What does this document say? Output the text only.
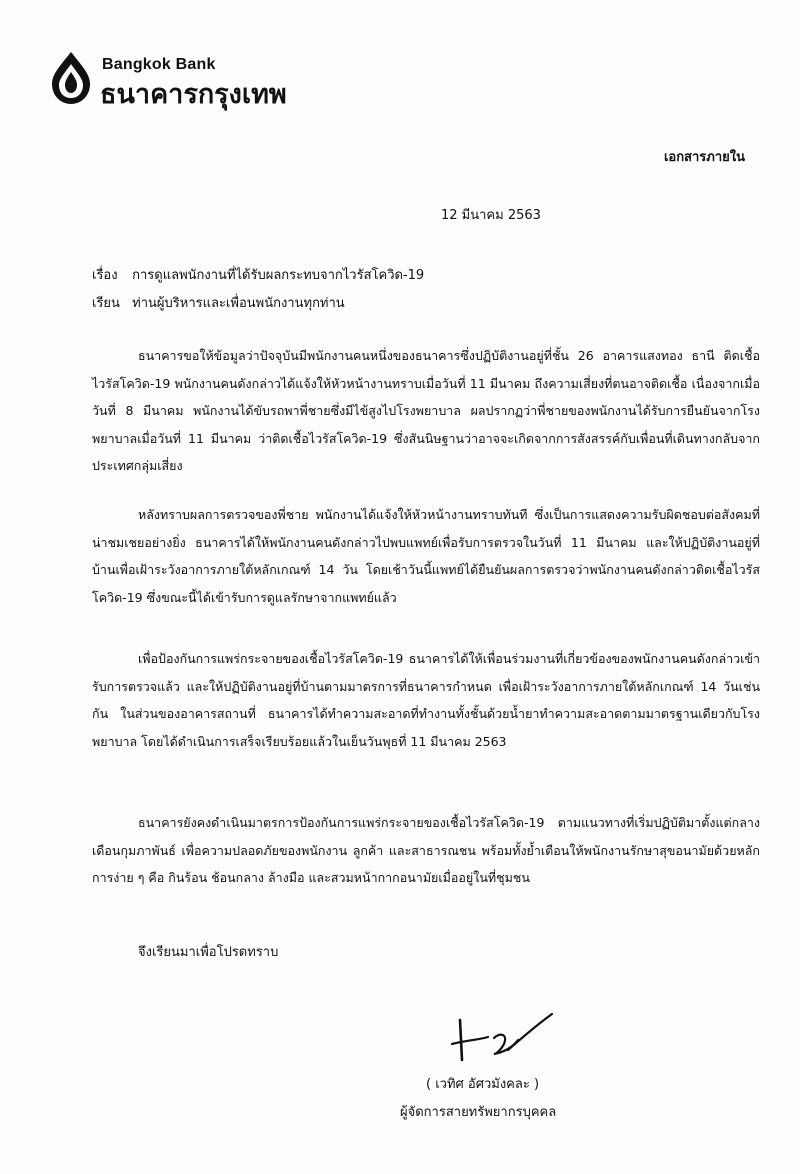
Bangkok Bank
ธนาคารกรุงเทพ
เอกสารภายใน
12 มีนาคม 2563
เรื่อง การดูแลพนักงานที่ได้รับผลกระทบจากไวรัสโควิด-19
เรียน ท่านผู้บริหารและเพื่อนพนักงานทุกท่าน

ธนาคารขอให้ข้อมูลว่าปัจจุบันมีพนักงานคนหนึ่งของธนาคารซึ่งปฏิบัติงานอยู่ที่ชั้น 26 อาคารแสงทอง ธานี ติดเชื้อไวรัสโควิด-19 พนักงานคนดังกล่าวได้แจ้งให้หัวหน้างานทราบเมื่อวันที่ 11 มีนาคม ถึงความเสี่ยงที่ตนอาจติดเชื้อ เนื่องจากเมื่อวันที่ 8 มีนาคม พนักงานได้ขับรถพาพี่ชายซึ่งมีไข้สูงไปโรงพยาบาล ผลปรากฏว่าพี่ชายของพนักงานได้รับการยืนยันจากโรงพยาบาลเมื่อวันที่ 11 มีนาคม ว่าติดเชื้อไวรัสโควิด-19 ซึ่งสันนิษฐานว่าอาจจะเกิดจากการสังสรรค์กับเพื่อนที่เดินทางกลับจากประเทศกลุ่มเสี่ยง

หลังทราบผลการตรวจของพี่ชาย พนักงานได้แจ้งให้หัวหน้างานทราบทันที ซึ่งเป็นการแสดงความรับผิดชอบต่อสังคมที่น่าชมเชยอย่างยิ่ง ธนาคารได้ให้พนักงานคนดังกล่าวไปพบแพทย์เพื่อรับการตรวจในวันที่ 11 มีนาคม และให้ปฏิบัติงานอยู่ที่บ้านเพื่อเฝ้าระวังอาการภายใต้หลักเกณฑ์ 14 วัน โดยเช้าวันนี้แพทย์ได้ยืนยันผลการตรวจว่าพนักงานคนดังกล่าวติดเชื้อไวรัสโควิด-19 ซึ่งขณะนี้ได้เข้ารับการดูแลรักษาจากแพทย์แล้ว

เพื่อป้องกันการแพร่กระจายของเชื้อไวรัสโควิด-19 ธนาคารได้ให้เพื่อนร่วมงานที่เกี่ยวข้องของพนักงานคนดังกล่าวเข้ารับการตรวจแล้ว และให้ปฏิบัติงานอยู่ที่บ้านตามมาตรการที่ธนาคารกำหนด เพื่อเฝ้าระวังอาการภายใต้หลักเกณฑ์ 14 วันเช่นกัน ในส่วนของอาคารสถานที่ ธนาคารได้ทำความสะอาดที่ทำงานทั้งชั้นด้วยน้ำยาทำความสะอาดตามมาตรฐานเดียวกับโรงพยาบาล โดยได้ดำเนินการเสร็จเรียบร้อยแล้วในเย็นวันพุธที่ 11 มีนาคม 2563

ธนาคารยังคงดำเนินมาตรการป้องกันการแพร่กระจายของเชื้อไวรัสโควิด-19 ตามแนวทางที่เริ่มปฏิบัติมาตั้งแต่กลางเดือนกุมภาพันธ์ เพื่อความปลอดภัยของพนักงาน ลูกค้า และสาธารณชน พร้อมทั้งย้ำเตือนให้พนักงานรักษาสุขอนามัยด้วยหลักการง่าย ๆ คือ กินร้อน ช้อนกลาง ล้างมือ และสวมหน้ากากอนามัยเมื่ออยู่ในที่ชุมชน

จึงเรียนมาเพื่อโปรดทราบ
( เวทิศ อัศวมังคละ )
ผู้จัดการสายทรัพยากรบุคคล
